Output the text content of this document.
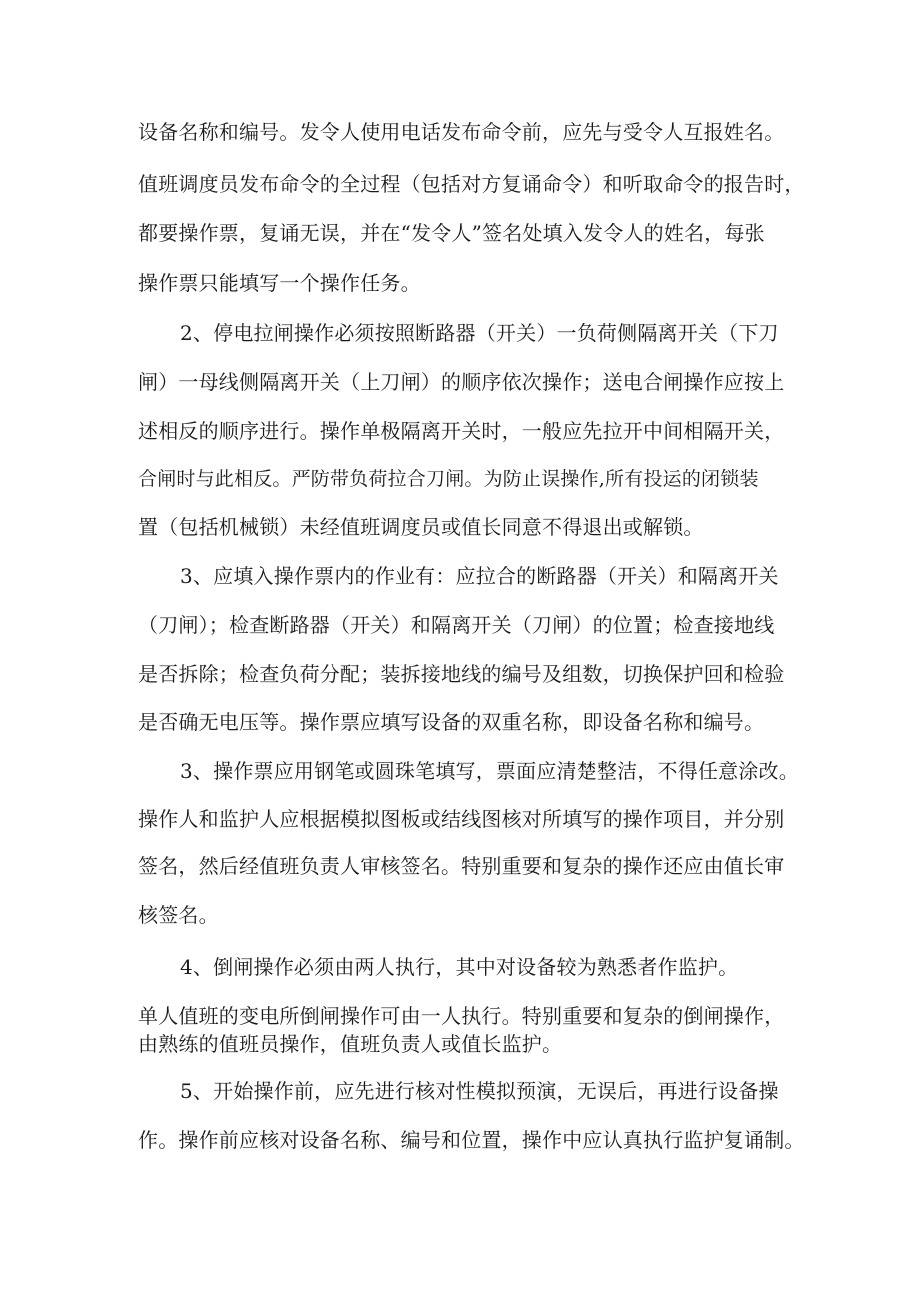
设备名称和编号。发令人使用电话发布命令前，应先与受令人互报姓名。
值班调度员发布命令的全过程（包括对方复诵命令）和听取命令的报告时，
都要操作票，复诵无误，并在“发令人”签名处填入发令人的姓名，每张
操作票只能填写一个操作任务。
2、停电拉闸操作必须按照断路器（开关）一负荷侧隔离开关（下刀
闸）一母线侧隔离开关（上刀闸）的顺序依次操作；送电合闸操作应按上
述相反的顺序进行。操作单极隔离开关时，一般应先拉开中间相隔开关，
合闸时与此相反。严防带负荷拉合刀闸。为防止误操作,所有投运的闭锁装
置（包括机械锁）未经值班调度员或值长同意不得退出或解锁。
3、应填入操作票内的作业有：应拉合的断路器（开关）和隔离开关
（刀闸）；检查断路器（开关）和隔离开关（刀闸）的位置；检查接地线
是否拆除；检查负荷分配；装拆接地线的编号及组数，切换保护回和检验
是否确无电压等。操作票应填写设备的双重名称，即设备名称和编号。
3、操作票应用钢笔或圆珠笔填写，票面应清楚整洁，不得任意涂改。
操作人和监护人应根据模拟图板或结线图核对所填写的操作项目，并分别
签名，然后经值班负责人审核签名。特别重要和复杂的操作还应由值长审
核签名。
4、倒闸操作必须由两人执行，其中对设备较为熟悉者作监护。
单人值班的变电所倒闸操作可由一人执行。特别重要和复杂的倒闸操作，
由熟练的值班员操作，值班负责人或值长监护。
5、开始操作前，应先进行核对性模拟预演，无误后，再进行设备操
作。操作前应核对设备名称、编号和位置，操作中应认真执行监护复诵制。
